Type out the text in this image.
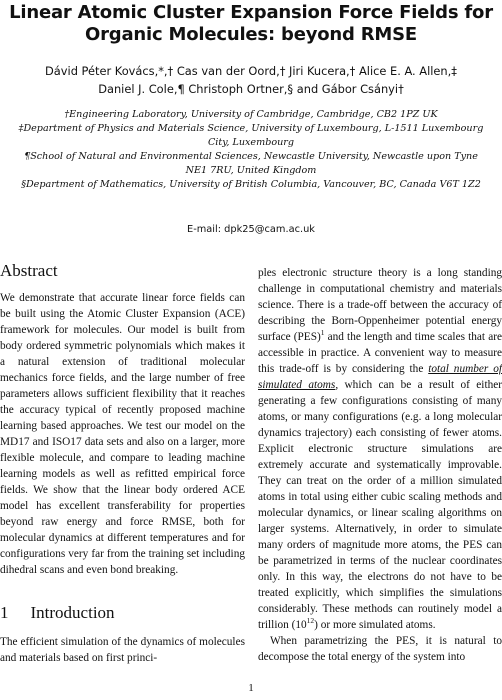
Linear Atomic Cluster Expansion Force Fields for
Organic Molecules: beyond RMSE
Dávid Péter Kovács,*,† Cas van der Oord,† Jiri Kucera,† Alice E. A. Allen,‡
Daniel J. Cole,¶ Christoph Ortner,§ and Gábor Csányi†

†Engineering Laboratory, University of Cambridge, Cambridge, CB2 1PZ UK

‡Department of Physics and Materials Science, University of Luxembourg, L-1511 Luxembourg City, Luxembourg

¶School of Natural and Environmental Sciences, Newcastle University, Newcastle upon Tyne NE1 7RU, United Kingdom

§Department of Mathematics, University of British Columbia, Vancouver, BC, Canada V6T 1Z2

E-mail: dpk25@cam.ac.uk
Abstract

We demonstrate that accurate linear force fields can be built using the Atomic Cluster Expansion (ACE) framework for molecules. Our model is built from body ordered symmetric polynomials which makes it a natural extension of traditional molecular mechanics force fields, and the large number of free parameters allows sufficient flexibility that it reaches the accuracy typical of recently proposed machine learning based approaches. We test our model on the MD17 and ISO17 data sets and also on a larger, more flexible molecule, and compare to leading machine learning models as well as refitted empirical force fields. We show that the linear body ordered ACE model has excellent transferability for properties beyond raw energy and force RMSE, both for molecular dynamics at different temperatures and for configurations very far from the training set including dihedral scans and even bond breaking.

1 Introduction

The efficient simulation of the dynamics of molecules and materials based on first princi-

ples electronic structure theory is a long standing challenge in computational chemistry and materials science. There is a trade-off between the accuracy of describing the Born-Oppenheimer potential energy surface (PES)$^1$ and the length and time scales that are accessible in practice. A convenient way to measure this trade-off is by considering the total number of simulated atoms, which can be a result of either generating a few configurations consisting of many atoms, or many configurations (e.g. a long molecular dynamics trajectory) each consisting of fewer atoms. Explicit electronic structure simulations are extremely accurate and systematically improvable. They can treat on the order of a million simulated atoms in total using either cubic scaling methods and molecular dynamics, or linear scaling algorithms on larger systems. Alternatively, in order to simulate many orders of magnitude more atoms, the PES can be parametrized in terms of the nuclear coordinates only. In this way, the electrons do not have to be treated explicitly, which simplifies the simulations considerably. These methods can routinely model a trillion $(10^{12})$ or more simulated atoms.

When parametrizing the PES, it is natural to decompose the total energy of the system into

1
